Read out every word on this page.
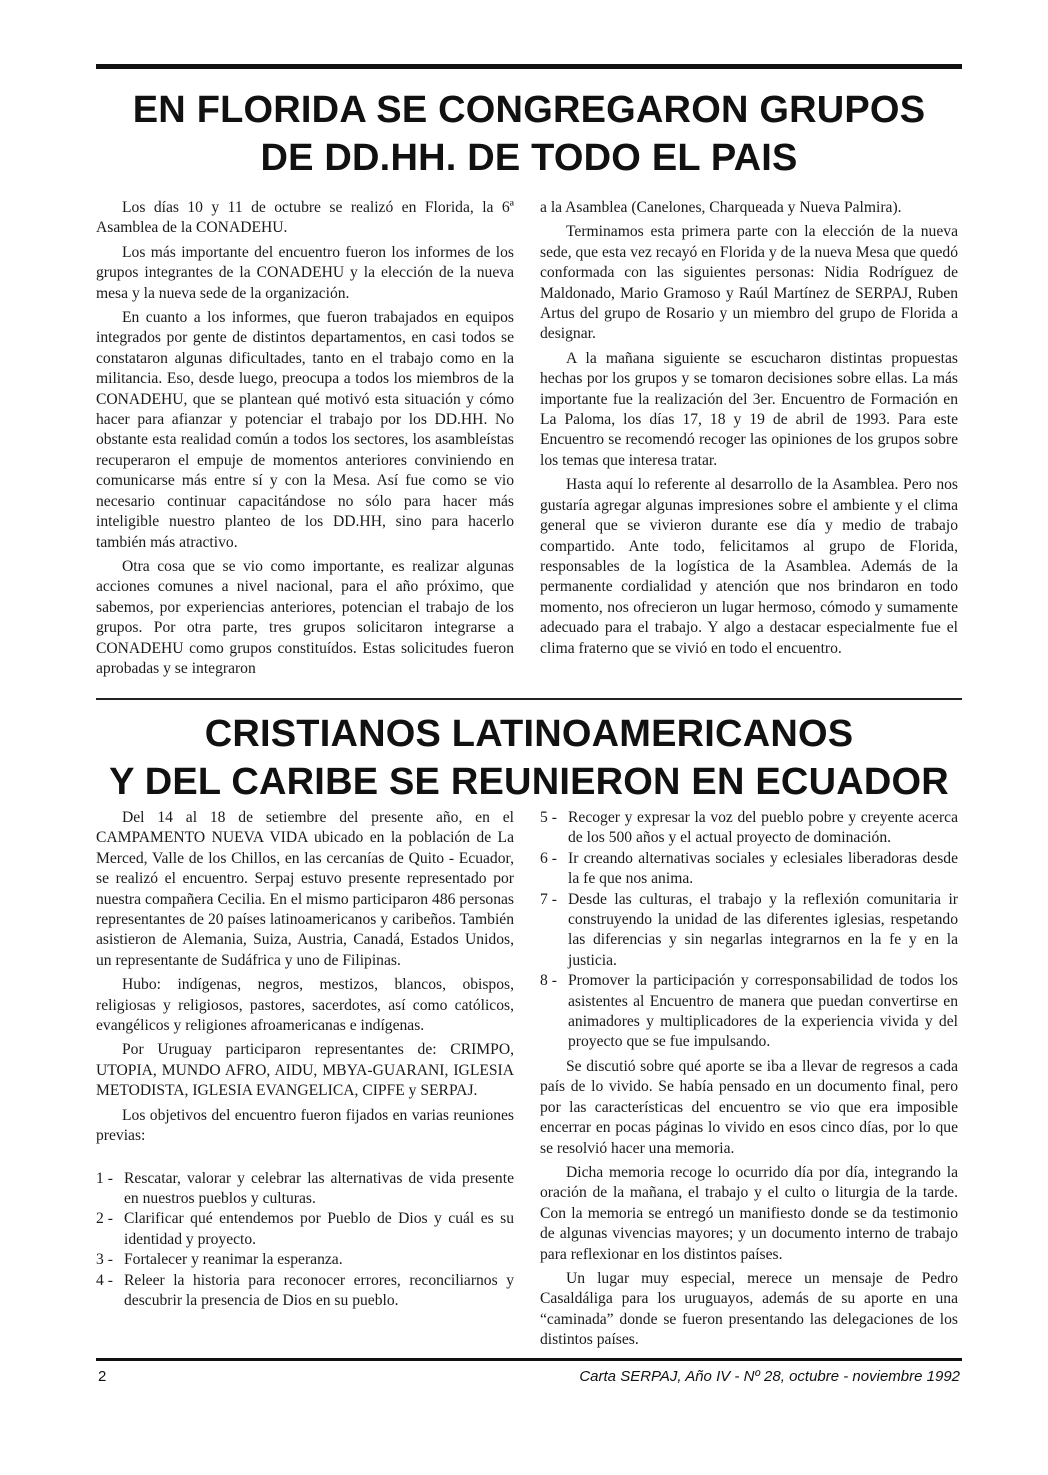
EN FLORIDA SE CONGREGARON GRUPOS
DE DD.HH. DE TODO EL PAIS

Los días 10 y 11 de octubre se realizó en Florida, la 6ª Asamblea de la CONADEHU.

Los más importante del encuentro fueron los informes de los grupos integrantes de la CONADEHU y la elección de la nueva mesa y la nueva sede de la organización.

En cuanto a los informes, que fueron trabajados en equipos integrados por gente de distintos departamentos, en casi todos se constataron algunas dificultades, tanto en el trabajo como en la militancia. Eso, desde luego, preocupa a todos los miembros de la CONADEHU, que se plantean qué motivó esta situación y cómo hacer para afianzar y potenciar el trabajo por los DD.HH. No obstante esta realidad común a todos los sectores, los asambleístas recuperaron el empuje de momentos anteriores conviniendo en comunicarse más entre sí y con la Mesa. Así fue como se vio necesario continuar capacitándose no sólo para hacer más inteligible nuestro planteo de los DD.HH, sino para hacerlo también más atractivo.

Otra cosa que se vio como importante, es realizar algunas acciones comunes a nivel nacional, para el año próximo, que sabemos, por experiencias anteriores, potencian el trabajo de los grupos. Por otra parte, tres grupos solicitaron integrarse a CONADEHU como grupos constituídos. Estas solicitudes fueron aprobadas y se integraron

a la Asamblea (Canelones, Charqueada y Nueva Palmira).

Terminamos esta primera parte con la elección de la nueva sede, que esta vez recayó en Florida y de la nueva Mesa que quedó conformada con las siguientes personas: Nidia Rodríguez de Maldonado, Mario Gramoso y Raúl Martínez de SERPAJ, Ruben Artus del grupo de Rosario y un miembro del grupo de Florida a designar.

A la mañana siguiente se escucharon distintas propuestas hechas por los grupos y se tomaron decisiones sobre ellas. La más importante fue la realización del 3er. Encuentro de Formación en La Paloma, los días 17, 18 y 19 de abril de 1993. Para este Encuentro se recomendó recoger las opiniones de los grupos sobre los temas que interesa tratar.

Hasta aquí lo referente al desarrollo de la Asamblea. Pero nos gustaría agregar algunas impresiones sobre el ambiente y el clima general que se vivieron durante ese día y medio de trabajo compartido. Ante todo, felicitamos al grupo de Florida, responsables de la logística de la Asamblea. Además de la permanente cordialidad y atención que nos brindaron en todo momento, nos ofrecieron un lugar hermoso, cómodo y sumamente adecuado para el trabajo. Y algo a destacar especialmente fue el clima fraterno que se vivió en todo el encuentro.

CRISTIANOS LATINOAMERICANOS
Y DEL CARIBE SE REUNIERON EN ECUADOR

Del 14 al 18 de setiembre del presente año, en el CAMPAMENTO NUEVA VIDA ubicado en la población de La Merced, Valle de los Chillos, en las cercanías de Quito - Ecuador, se realizó el encuentro. Serpaj estuvo presente representado por nuestra compañera Cecilia. En el mismo participaron 486 personas representantes de 20 países latinoamericanos y caribeños. También asistieron de Alemania, Suiza, Austria, Canadá, Estados Unidos, un representante de Sudáfrica y uno de Filipinas.

Hubo: indígenas, negros, mestizos, blancos, obispos, religiosas y religiosos, pastores, sacerdotes, así como católicos, evangélicos y religiones afroamericanas e indígenas.

Por Uruguay participaron representantes de: CRIMPO, UTOPIA, MUNDO AFRO, AIDU, MBYA-GUARANI, IGLESIA METODISTA, IGLESIA EVANGELICA, CIPFE y SERPAJ.

Los objetivos del encuentro fueron fijados en varias reuniones previas:

1 - Rescatar, valorar y celebrar las alternativas de vida presente en nuestros pueblos y culturas.
2 - Clarificar qué entendemos por Pueblo de Dios y cuál es su identidad y proyecto.
3 - Fortalecer y reanimar la esperanza.
4 - Releer la historia para reconocer errores, reconciliarnos y descubrir la presencia de Dios en su pueblo.
5 - Recoger y expresar la voz del pueblo pobre y creyente acerca de los 500 años y el actual proyecto de dominación.
6 - Ir creando alternativas sociales y eclesiales liberadoras desde la fe que nos anima.
7 - Desde las culturas, el trabajo y la reflexión comunitaria ir construyendo la unidad de las diferentes iglesias, respetando las diferencias y sin negarlas integrarnos en la fe y en la justicia.
8 - Promover la participación y corresponsabilidad de todos los asistentes al Encuentro de manera que puedan convertirse en animadores y multiplicadores de la experiencia vivida y del proyecto que se fue impulsando.

Se discutió sobre qué aporte se iba a llevar de regresos a cada país de lo vivido. Se había pensado en un documento final, pero por las características del encuentro se vio que era imposible encerrar en pocas páginas lo vivido en esos cinco días, por lo que se resolvió hacer una memoria.

Dicha memoria recoge lo ocurrido día por día, integrando la oración de la mañana, el trabajo y el culto o liturgia de la tarde. Con la memoria se entregó un manifiesto donde se da testimonio de algunas vivencias mayores; y un documento interno de trabajo para reflexionar en los distintos países.

Un lugar muy especial, merece un mensaje de Pedro Casaldáliga para los uruguayos, además de su aporte en una “caminada” donde se fueron presentando las delegaciones de los distintos países.

2	Carta SERPAJ, Año IV - Nº 28, octubre - noviembre 1992
